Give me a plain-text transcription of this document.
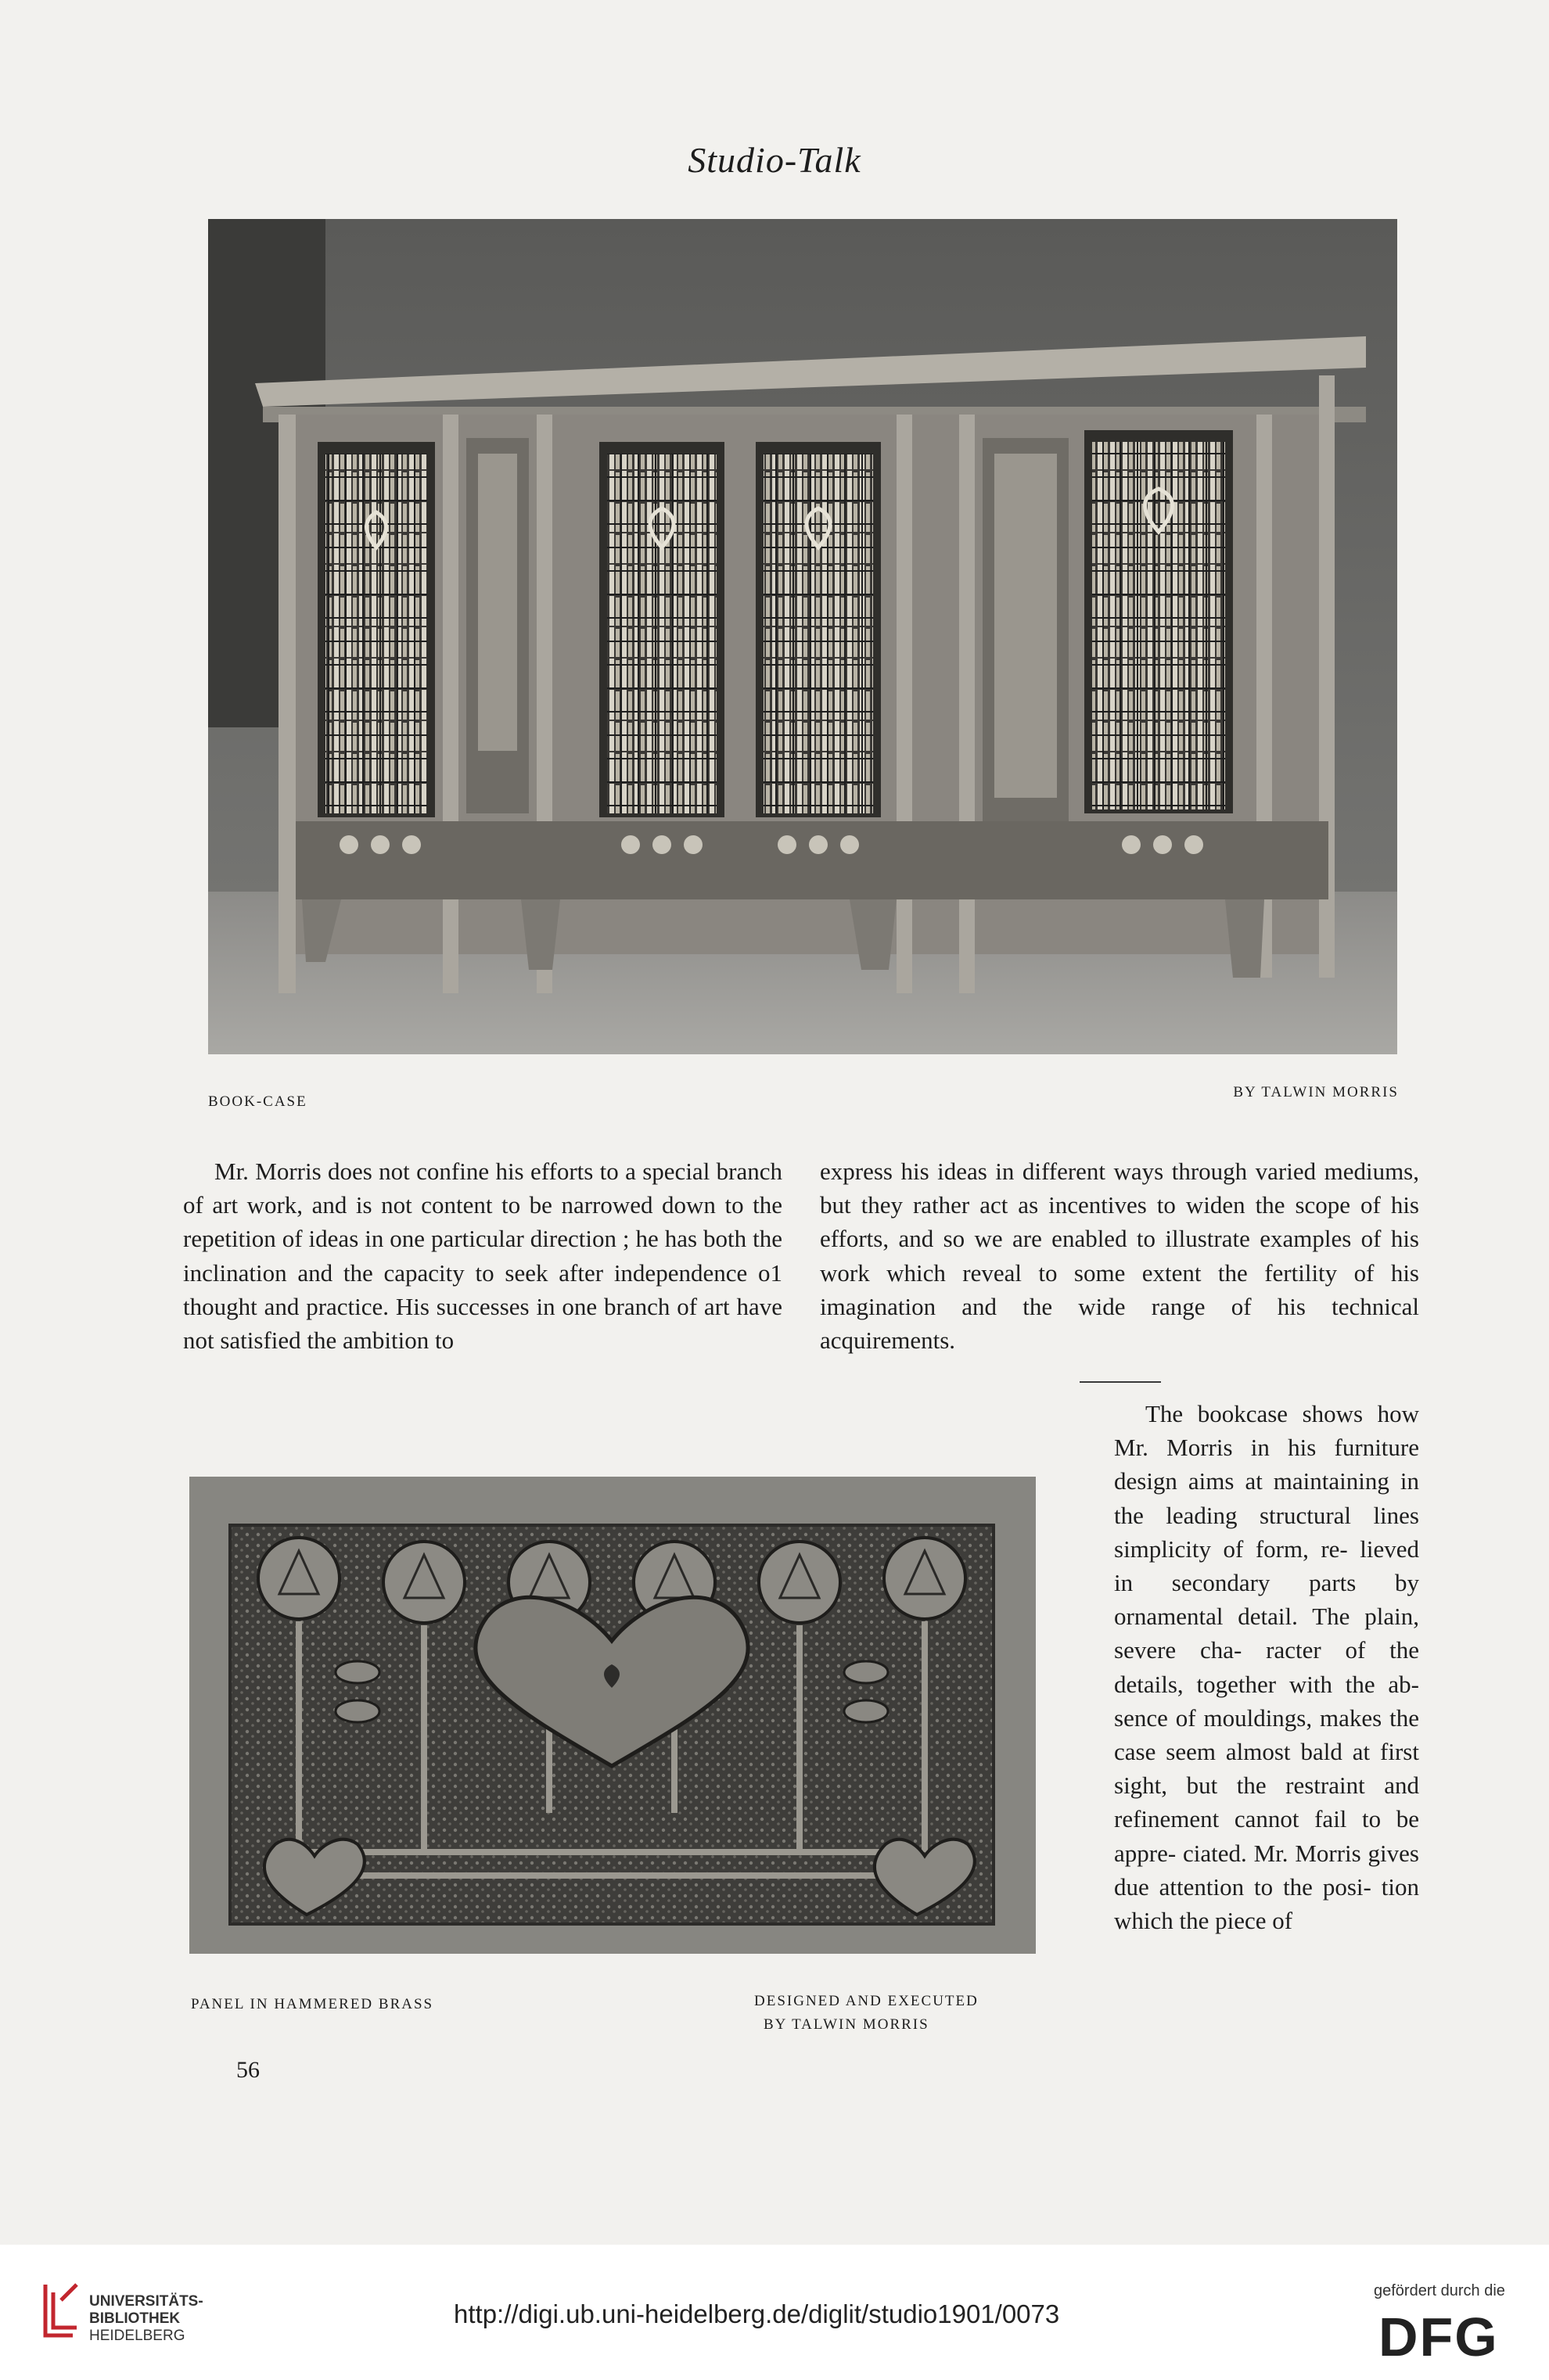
Studio-Talk
BOOK-CASE
BY TALWIN MORRIS

Mr. Morris does not confine his efforts to a special branch of art work, and is not content to be narrowed down to the repetition of ideas in one particular direction ; he has both the inclination and the capacity to seek after independence o1 thought and practice. His successes in one branch of art have not satisfied the ambition to

express his ideas in different ways through varied mediums, but they rather act as incentives to widen the scope of his efforts, and so we are enabled to illustrate examples of his work which reveal to some extent the fertility of his imagination and the wide range of his technical acquirements.

The bookcase shows how Mr. Morris in his furniture design aims at maintaining in the leading structural lines simplicity of form, re- lieved in secondary parts by ornamental detail. The plain, severe cha- racter of the details, together with the ab- sence of mouldings, makes the case seem almost bald at first sight, but the restraint and refinement cannot fail to be appre- ciated. Mr. Morris gives due attention to the posi- tion which the piece of

PANEL IN HAMMERED BRASS	DESIGNED AND EXECUTED
BY TALWIN MORRIS
56
UNIVERSITÄTS-
BIBLIOTHEK
HEIDELBERG
http://digi.ub.uni-heidelberg.de/diglit/studio1901/0073
gefördert durch die
DFG
